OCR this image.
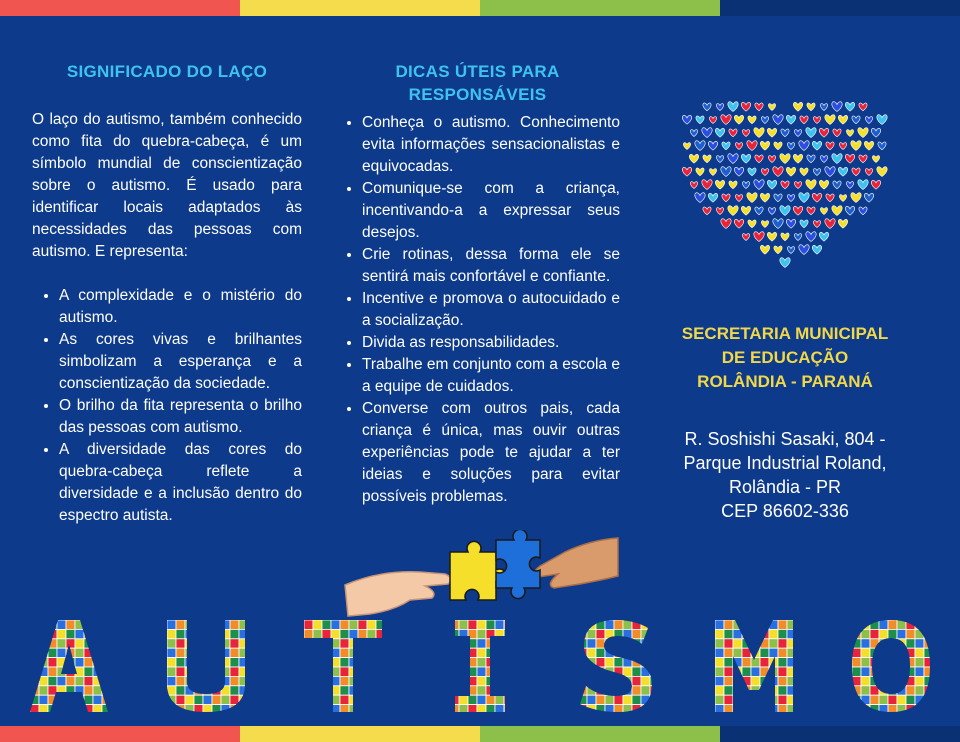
SIGNIFICADO DO LAÇO

O laço do autismo, também conhecido como fita do quebra-cabeça, é um símbolo mundial de conscientização sobre o autismo. É usado para identificar locais adaptados às necessidades das pessoas com autismo. E representa:

• A complexidade e o mistério do autismo.
• As cores vivas e brilhantes simbolizam a esperança e a conscientização da sociedade.
• O brilho da fita representa o brilho das pessoas com autismo.
• A diversidade das cores do quebra-cabeça reflete a diversidade e a inclusão dentro do espectro autista.
DICAS ÚTEIS PARA RESPONSÁVEIS
• Conheça o autismo. Conhecimento evita informações sensacionalistas e equivocadas.
• Comunique-se com a criança, incentivando-a a expressar seus desejos.
• Crie rotinas, dessa forma ele se sentirá mais confortável e confiante.
• Incentive e promova o autocuidado e a socialização.
• Divida as responsabilidades.
• Trabalhe em conjunto com a escola e a equipe de cuidados.
• Converse com outros pais, cada criança é única, mas ouvir outras experiências pode te ajudar a ter ideias e soluções para evitar possíveis problemas.
SECRETARIA MUNICIPAL
DE EDUCAÇÃO
ROLÂNDIA - PARANÁ
R. Soshishi Sasaki, 804 -
Parque Industrial Roland,
Rolândia - PR
CEP 86602-336
